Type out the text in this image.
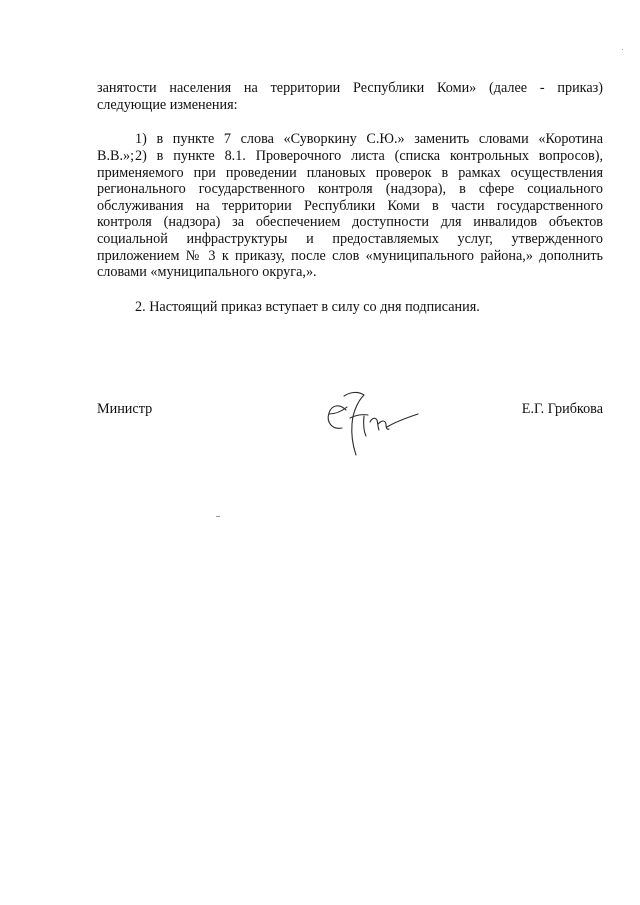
занятости населения на территории Республики Коми» (далее - приказ)
следующие изменения:
1) в пункте 7 слова «Суворкину С.Ю.» заменить словами «Коротина
В.В.»; 2) в пункте 8.1. Проверочного листа (списка контрольных вопросов),
применяемого при проведении плановых проверок в рамках осуществления
регионального государственного контроля (надзора), в сфере социального
обслуживания на территории Республики Коми в части государственного
контроля (надзора) за обеспечением доступности для инвалидов объектов
социальной инфраструктуры и предоставляемых услуг, утвержденного
приложением № 3 к приказу, после слов «муниципального района,» дополнить
словами «муниципального округа,».
2. Настоящий приказ вступает в силу со дня подписания.
Министр	Е.Г. Грибкова
